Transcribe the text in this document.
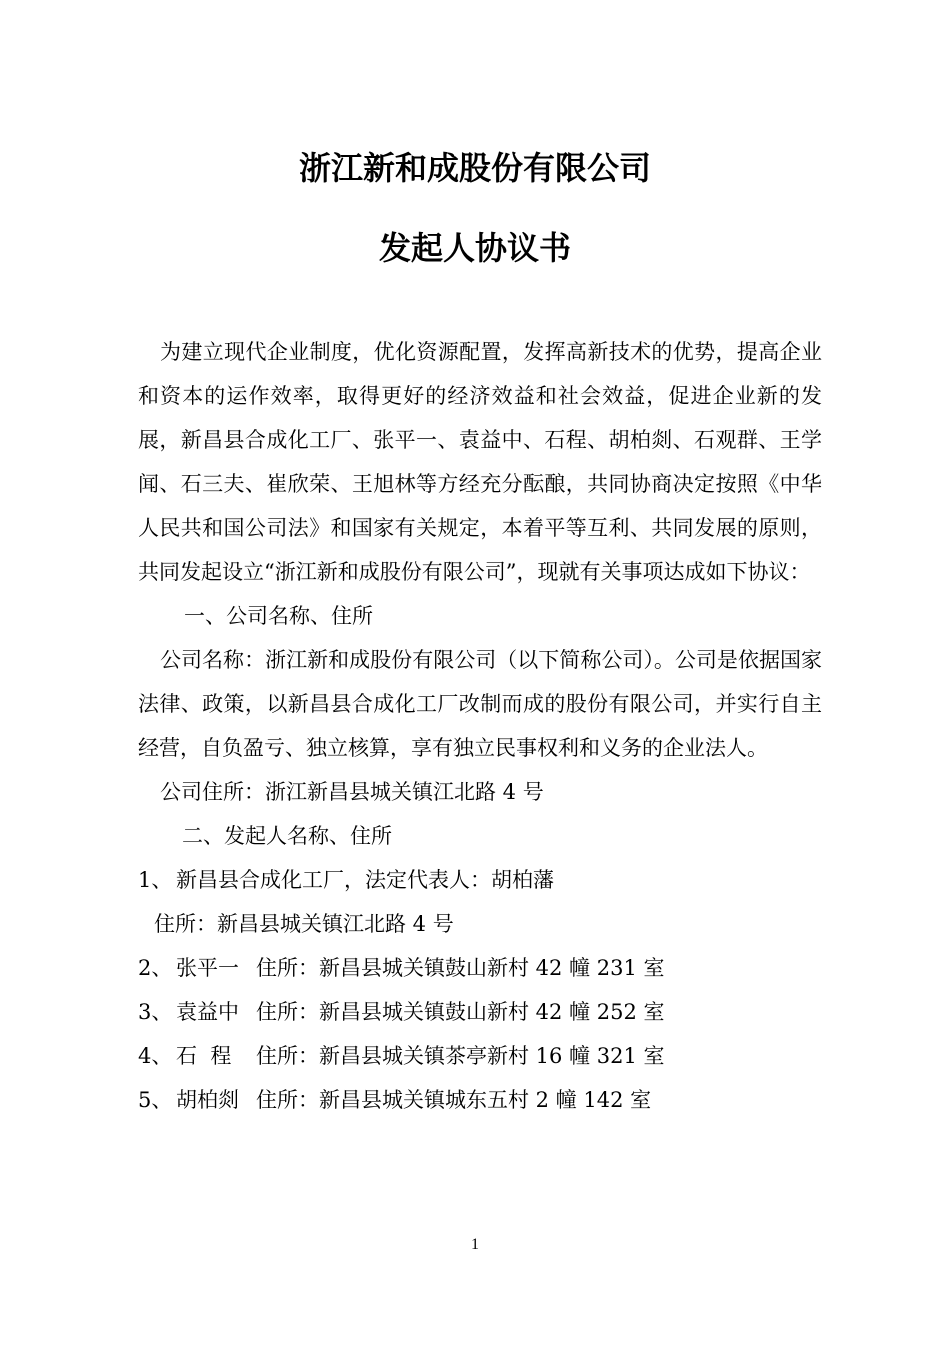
浙江新和成股份有限公司
发起人协议书

为建立现代企业制度，优化资源配置，发挥高新技术的优势，提高企业和资本的运作效率，取得更好的经济效益和社会效益，促进企业新的发展，新昌县合成化工厂、张平一、袁益中、石程、胡柏剡、石观群、王学闻、石三夫、崔欣荣、王旭林等方经充分酝酿，共同协商决定按照《中华人民共和国公司法》和国家有关规定，本着平等互利、共同发展的原则，共同发起设立“浙江新和成股份有限公司”，现就有关事项达成如下协议：

一、公司名称、住所

公司名称：浙江新和成股份有限公司（以下简称公司）。公司是依据国家法律、政策，以新昌县合成化工厂改制而成的股份有限公司，并实行自主经营，自负盈亏、独立核算，享有独立民事权利和义务的企业法人。

公司住所：浙江新昌县城关镇江北路 4 号

二、发起人名称、住所

1、 新昌县合成化工厂，法定代表人：胡柏藩

住所：新昌县城关镇江北路 4 号

2、 张平一 住所：新昌县城关镇鼓山新村 42 幢 231 室

3、 袁益中 住所：新昌县城关镇鼓山新村 42 幢 252 室

4、 石  程 住所：新昌县城关镇茶亭新村 16 幢 321 室

5、 胡柏剡 住所：新昌县城关镇城东五村 2 幢 142 室

1
